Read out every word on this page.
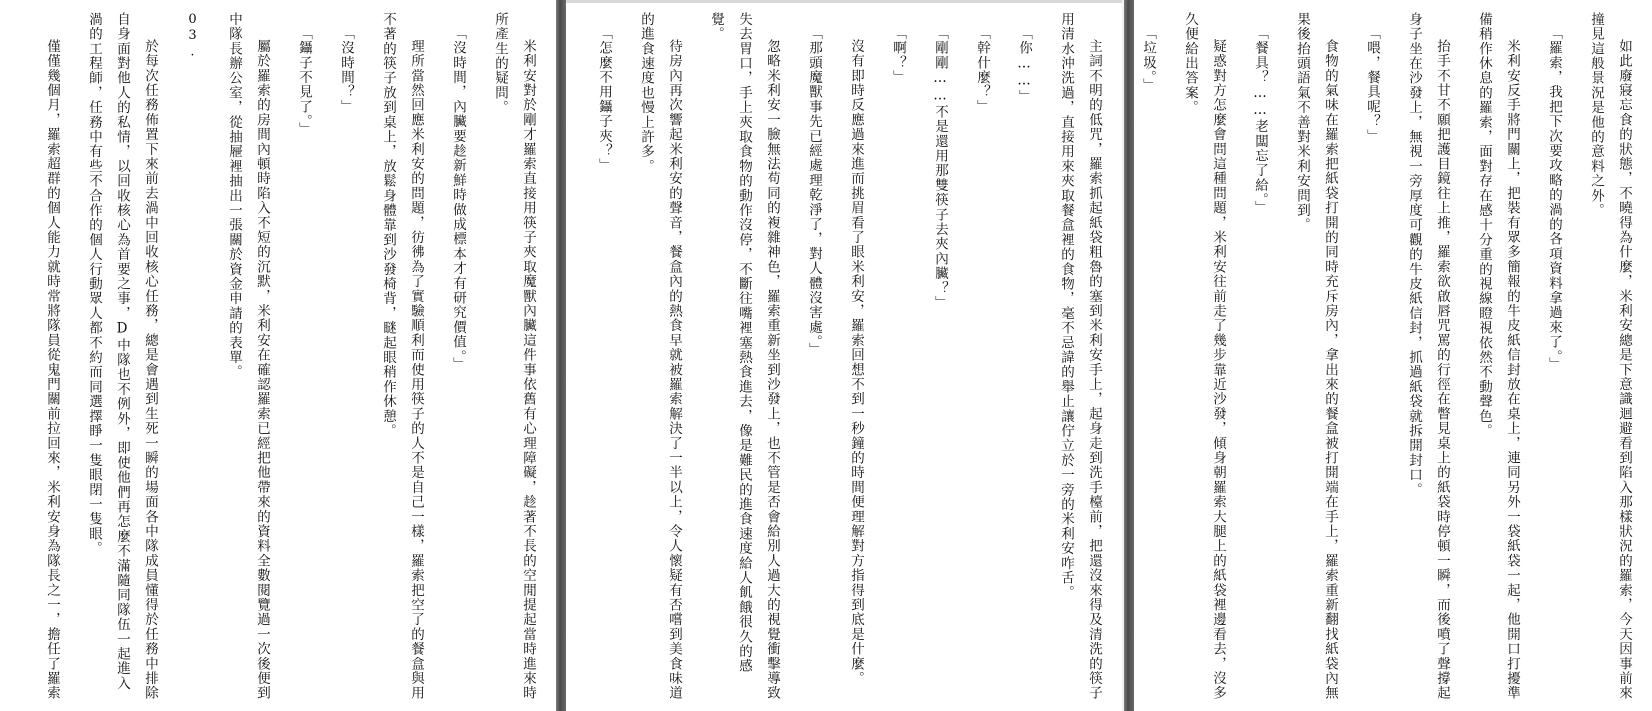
米利安對於剛才羅索直接用筷子夾取魔獸內臟這件事依舊有心理障礙，趁著不長的空閒提起當時進來時所產生的疑問。
「沒時間，內臟要趁新鮮時做成標本才有研究價值。」
理所當然回應米利安的問題，彷彿為了實驗順利而使用筷子的人不是自己一樣，羅索把空了的餐盒與用不著的筷子放到桌上，放鬆身體靠到沙發椅背，瞇起眼稍作休憩。
「沒時間？」
「鑷子不見了。」
屬於羅索的房間內頓時陷入不短的沉默，米利安在確認羅索已經把他帶來的資料全數閱覽過一次後便到中隊長辦公室，從抽屜裡抽出一張關於資金申請的表單。
03.
於每次任務佈置下來前去渦中回收核心任務，總是會遇到生死一瞬的場面各中隊成員懂得於任務中排除自身面對他人的私情，以回收核心為首要之事，D中隊也不例外，即使他們再怎麼不滿隨同隊伍一起進入渦的工程師，任務中有些不合作的個人行動眾人都不約而同選擇睜一隻眼閉一隻眼。
僅僅幾個月，羅索超群的個人能力就時常將隊員從鬼門關前拉回來，米利安身為隊長之一，擔任了羅索	主詞不明的低咒，羅索抓起紙袋粗魯的塞到米利安手上，起身走到洗手檯前，把還沒來得及清洗的筷子用清水沖洗過，直接用來夾取餐盒裡的食物，毫不忌諱的舉止讓佇立於一旁的米利安咋舌。
「你……」
「幹什麼？」
「剛剛……不是還用那雙筷子去夾內臟？」
「啊？」
沒有即時反應過來進而挑眉看了眼米利安，羅索回想不到一秒鐘的時間便理解對方指得到底是什麼。
「那頭魔獸事先已經處理乾淨了，對人體沒害處。」
忽略米利安一臉無法苟同的複雜神色，羅索重新坐到沙發上，也不管是否會給別人過大的視覺衝擊導致失去胃口，手上夾取食物的動作沒停，不斷往嘴裡塞熱食進去，像是難民的進食速度給人飢餓很久的感覺。
待房內再次響起米利安的聲音，餐盒內的熱食早就被羅索解決了一半以上，令人懷疑有否嚐到美食味道的進食速度也慢上許多。
「怎麼不用鑷子夾？」	如此廢寢忘食的狀態，不曉得為什麼，米利安總是下意識迴避看到陷入那樣狀況的羅索，今天因事前來撞見這般景況是他的意料之外。
「羅索，我把下次要攻略的渦的各項資料拿過來了。」
米利安反手將門關上，把裝有眾多簡報的牛皮紙信封放在桌上，連同另外一袋紙袋一起，他開口打擾準備稍作休息的羅索，面對存在感十分重的視線瞪視依然不動聲色。
抬手不甘不願把護目鏡往上推，羅索欲啟唇咒罵的行徑在瞥見桌上的紙袋時停頓一瞬，而後噴了聲撐起身子坐在沙發上，無視一旁厚度可觀的牛皮紙信封，抓過紙袋就拆開封口。
「喂，餐具呢？」
食物的氣味在羅索把紙袋打開的同時充斥房內，拿出來的餐盒被打開端在手上，羅索重新翻找紙袋內無果後抬頭語氣不善對米利安問到。
「餐具？……老闆忘了給。」
疑惑對方怎麼會問這種問題，米利安往前走了幾步靠近沙發，傾身朝羅索大腿上的紙袋裡邊看去，沒多久便給出答案。
「垃圾。」
